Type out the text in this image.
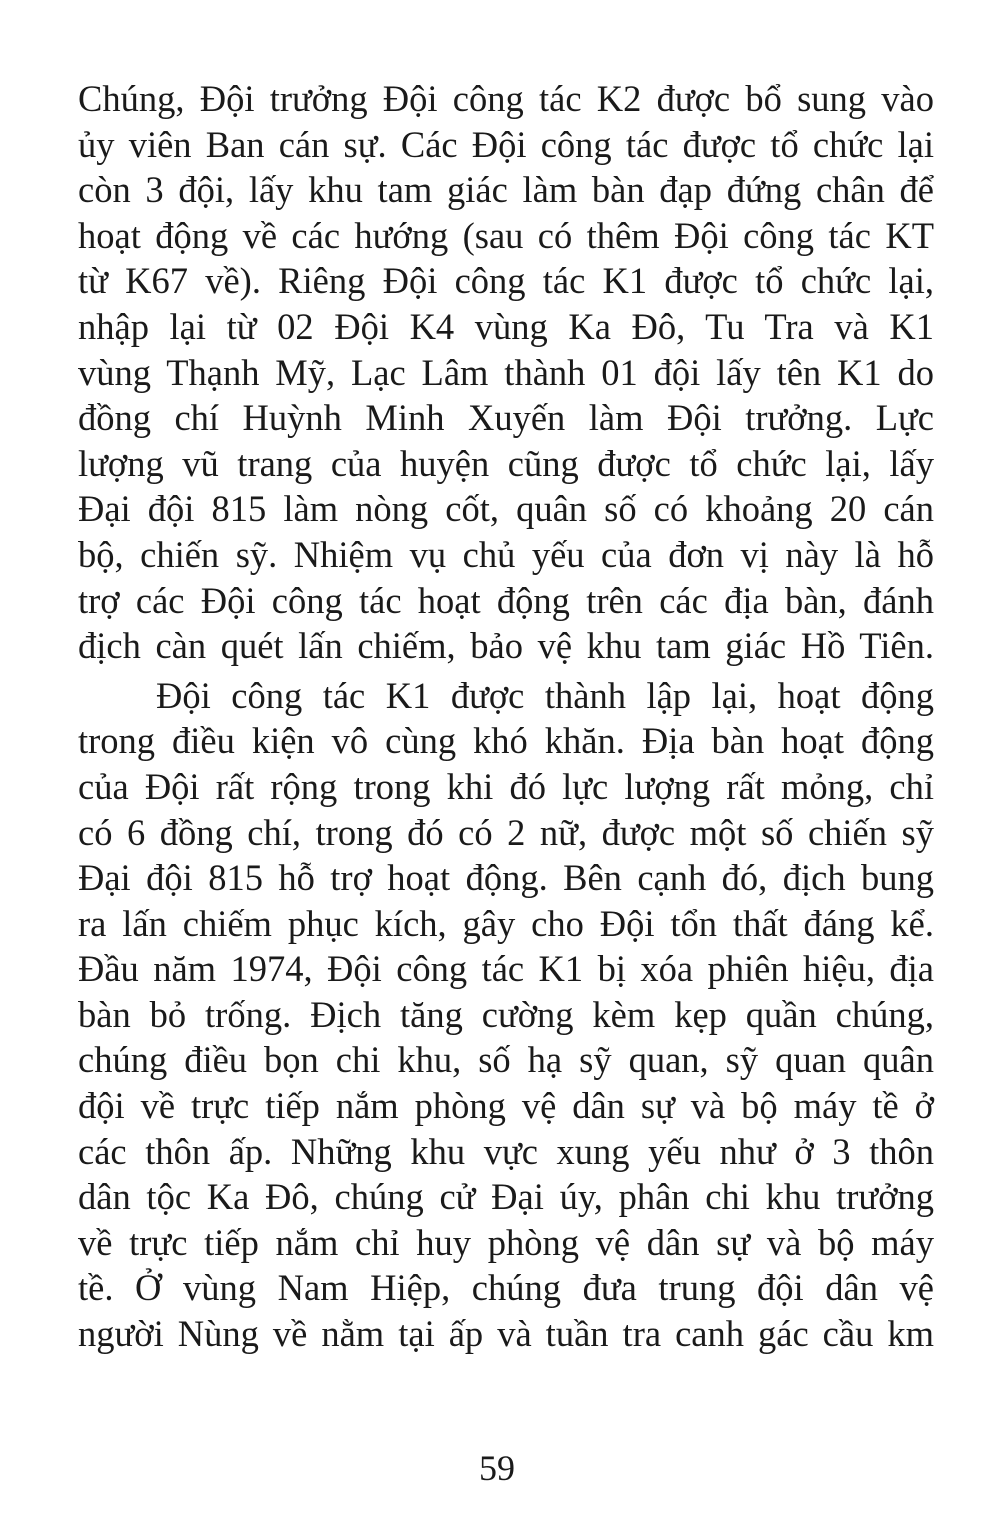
Chúng, Đội trưởng Đội công tác K2 được bổ sung vào
ủy viên Ban cán sự. Các Đội công tác được tổ chức lại
còn 3 đội, lấy khu tam giác làm bàn đạp đứng chân để
hoạt động về các hướng (sau có thêm Đội công tác KT
từ K67 về). Riêng Đội công tác K1 được tổ chức lại,
nhập lại từ 02 Đội K4 vùng Ka Đô, Tu Tra và K1
vùng Thạnh Mỹ, Lạc Lâm thành 01 đội lấy tên K1 do
đồng chí Huỳnh Minh Xuyến làm Đội trưởng. Lực
lượng vũ trang của huyện cũng được tổ chức lại, lấy
Đại đội 815 làm nòng cốt, quân số có khoảng 20 cán
bộ, chiến sỹ. Nhiệm vụ chủ yếu của đơn vị này là hỗ
trợ các Đội công tác hoạt động trên các địa bàn, đánh
địch càn quét lấn chiếm, bảo vệ khu tam giác Hồ Tiên.
Đội công tác K1 được thành lập lại, hoạt động
trong điều kiện vô cùng khó khăn. Địa bàn hoạt động
của Đội rất rộng trong khi đó lực lượng rất mỏng, chỉ
có 6 đồng chí, trong đó có 2 nữ, được một số chiến sỹ
Đại đội 815 hỗ trợ hoạt động. Bên cạnh đó, địch bung
ra lấn chiếm phục kích, gây cho Đội tổn thất đáng kể.
Đầu năm 1974, Đội công tác K1 bị xóa phiên hiệu, địa
bàn bỏ trống. Địch tăng cường kèm kẹp quần chúng,
chúng điều bọn chi khu, số hạ sỹ quan, sỹ quan quân
đội về trực tiếp nắm phòng vệ dân sự và bộ máy tề ở
các thôn ấp. Những khu vực xung yếu như ở 3 thôn
dân tộc Ka Đô, chúng cử Đại úy, phân chi khu trưởng
về trực tiếp nắm chỉ huy phòng vệ dân sự và bộ máy
tề. Ở vùng Nam Hiệp, chúng đưa trung đội dân vệ
người Nùng về nằm tại ấp và tuần tra canh gác cầu km
59
